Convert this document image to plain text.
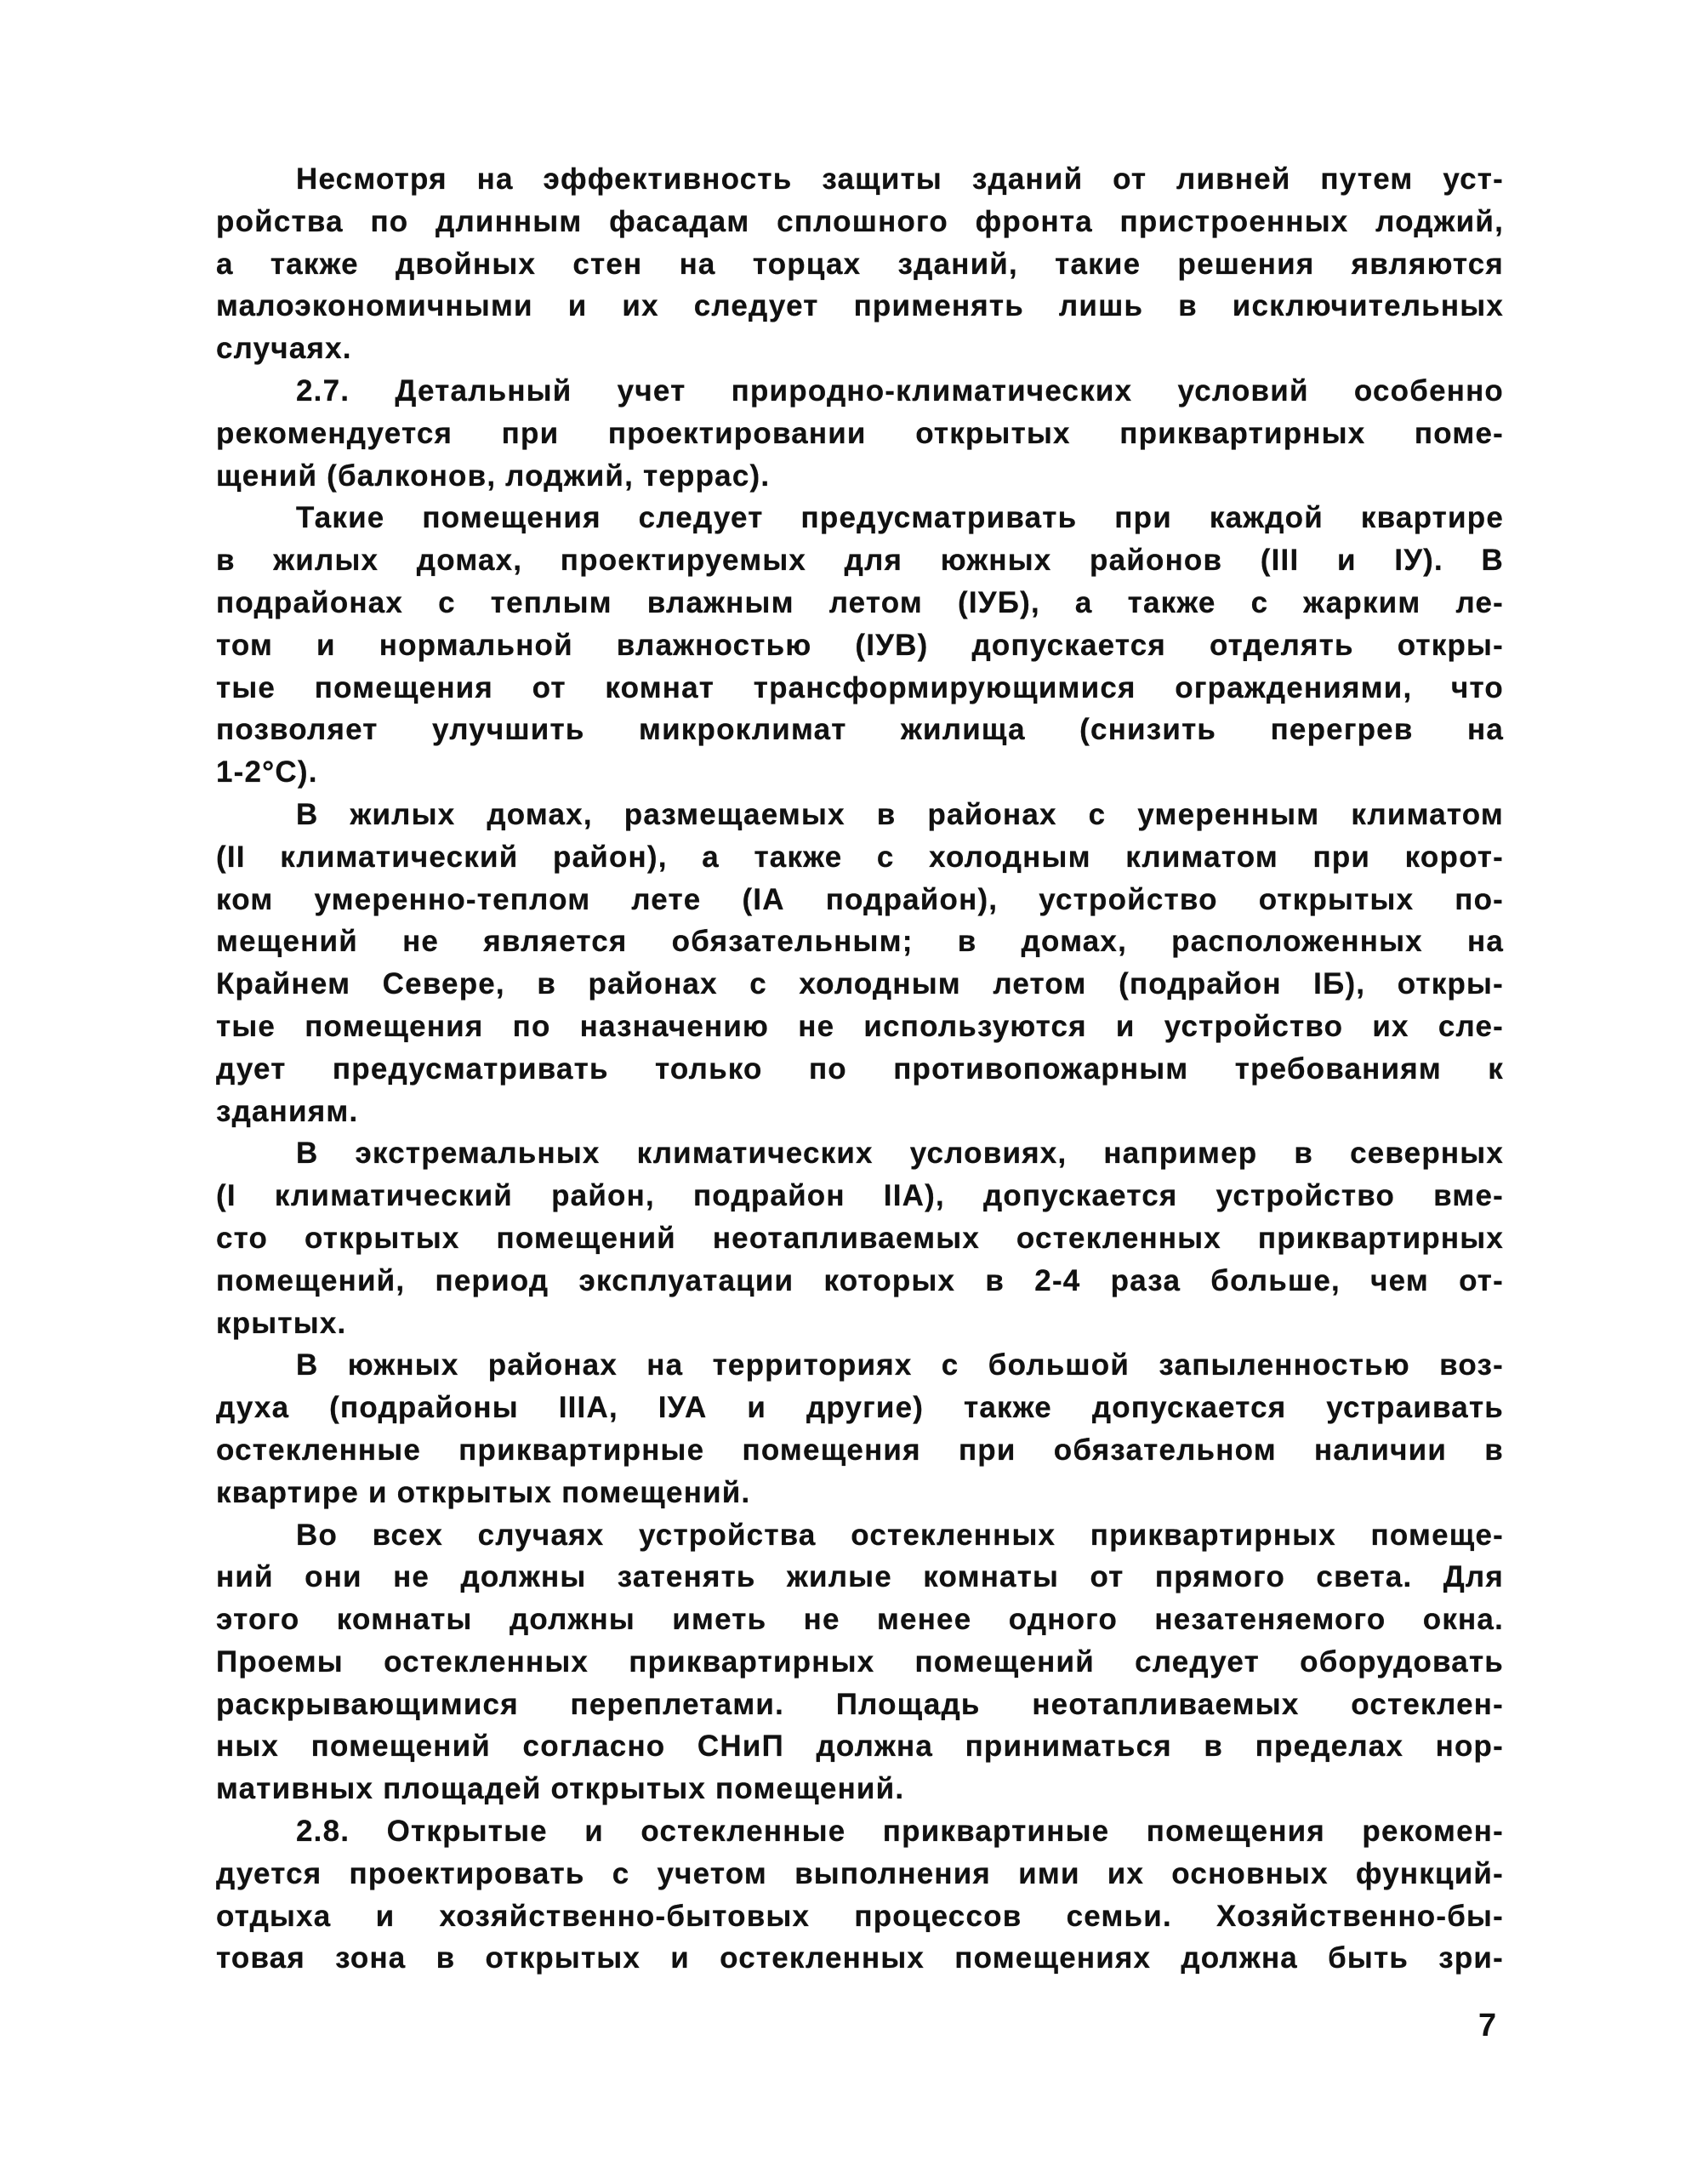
Несмотря на эффективность защиты зданий от ливней путем уст-
ройства по длинным фасадам сплошного фронта пристроенных лоджий,
а также двойных стен на торцах зданий, такие решения являются
малоэкономичными и их следует применять лишь в исключительных
случаях.
2.7. Детальный учет природно-климатических условий особенно
рекомендуется при проектировании открытых приквартирных поме-
щений (балконов, лоджий, террас).
Такие помещения следует предусматривать при каждой квартире
в жилых домах, проектируемых для южных районов (III и IУ). В
подрайонах с теплым влажным летом (IУБ), а также с жарким ле-
том и нормальной влажностью (IУВ) допускается отделять откры-
тые помещения от комнат трансформирующимися ограждениями, что
позволяет улучшить микроклимат жилища (снизить перегрев на
1-2°C).
В жилых домах, размещаемых в районах с умеренным климатом
(II климатический район), а также с холодным климатом при корот-
ком умеренно-теплом лете (IА подрайон), устройство открытых по-
мещений не является обязательным; в домах, расположенных на
Крайнем Севере, в районах с холодным летом (подрайон IБ), откры-
тые помещения по назначению не используются и устройство их сле-
дует предусматривать только по противопожарным требованиям к
зданиям.
В экстремальных климатических условиях, например в северных
(I климатический район, подрайон IIА), допускается устройство вме-
сто открытых помещений неотапливаемых остекленных приквартирных
помещений, период эксплуатации которых в 2-4 раза больше, чем от-
крытых.
В южных районах на территориях с большой запыленностью воз-
духа (подрайоны IIIА, IУА и другие) также допускается устраивать
остекленные приквартирные помещения при обязательном наличии в
квартире и открытых помещений.
Во всех случаях устройства остекленных приквартирных помеще-
ний они не должны затенять жилые комнаты от прямого света. Для
этого комнаты должны иметь не менее одного незатеняемого окна.
Проемы остекленных приквартирных помещений следует оборудовать
раскрывающимися переплетами. Площадь неотапливаемых остеклен-
ных помещений согласно СНиП должна приниматься в пределах нор-
мативных площадей открытых помещений.
2.8. Открытые и остекленные приквартиные помещения рекомен-
дуется проектировать с учетом выполнения ими их основных функций-
отдыха и хозяйственно-бытовых процессов семьи. Хозяйственно-бы-
товая зона в открытых и остекленных помещениях должна быть зри-
7
